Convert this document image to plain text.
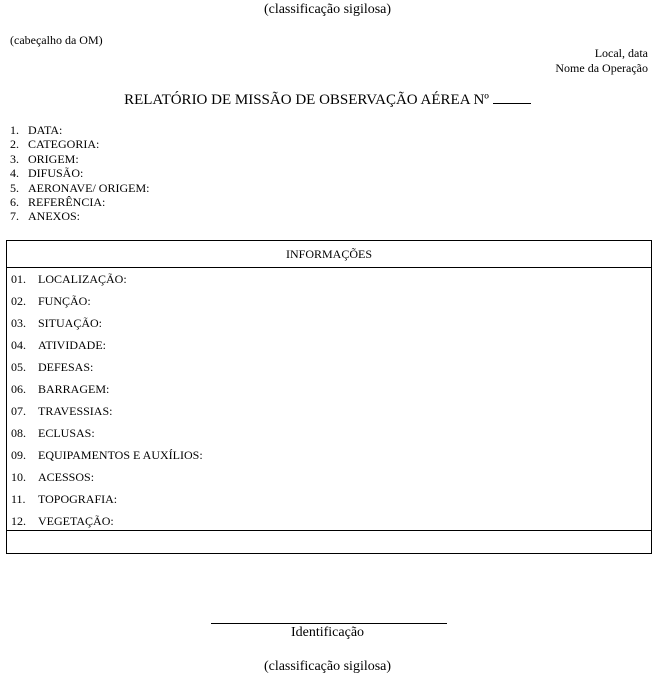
(classificação sigilosa)
(cabeçalho da OM)
Local, data
Nome da Operação
RELATÓRIO DE MISSÃO DE OBSERVAÇÃO AÉREA Nº
1. DATA:
2. CATEGORIA:
3. ORIGEM:
4. DIFUSÃO:
5. AERONAVE/ ORIGEM:
6. REFERÊNCIA:
7. ANEXOS:
INFORMAÇÕES
01.	LOCALIZAÇÃO:
02.	FUNÇÃO:
03.	SITUAÇÃO:
04.	ATIVIDADE:
05.	DEFESAS:
06.	BARRAGEM:
07.	TRAVESSIAS:
08.	ECLUSAS:
09.	EQUIPAMENTOS E AUXÍLIOS:
10.	ACESSOS:
11.	TOPOGRAFIA:
12.	VEGETAÇÃO:
Identificação
(classificação sigilosa)
